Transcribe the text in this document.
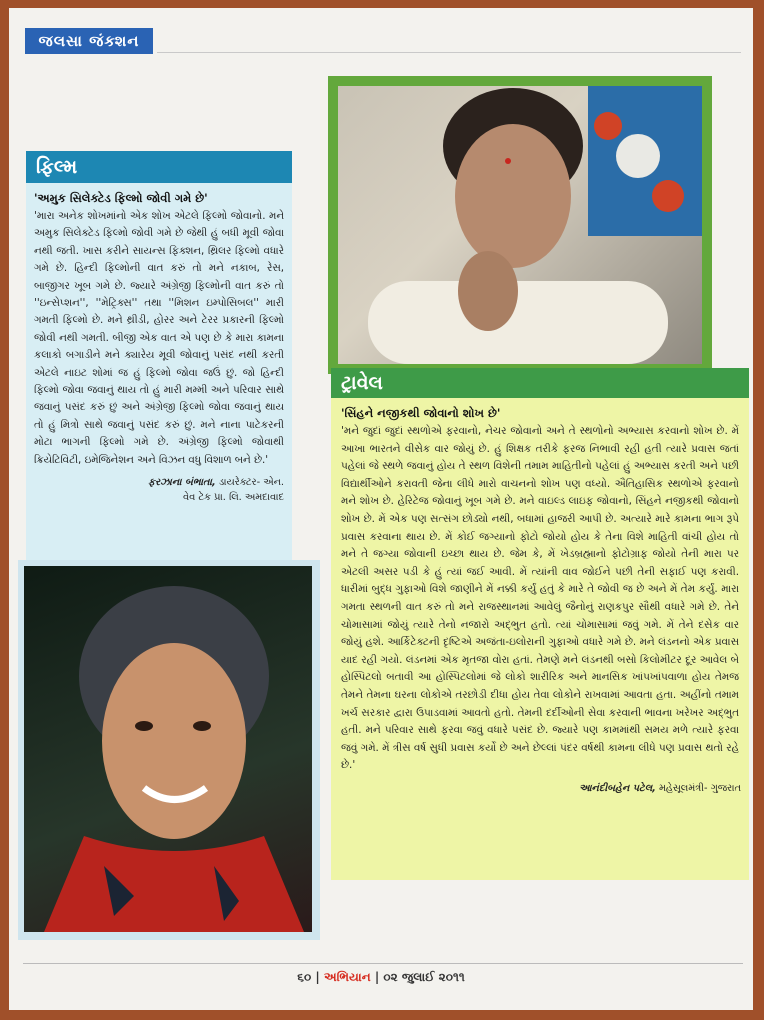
જલસા જંક્શન
ફિલ્મ
'અમુક સિલેક્ટેડ ફિલ્મો જોવી ગમે છે'
'મારા અનેક શોખમાંનો એક શોખ એટલે ફિલ્મો જોવાનો. મને અમુક સિલેક્ટેડ ફિલ્મો જોવી ગમે છે જેથી હું બધી મૂવી જોવા નથી જતી. ખાસ કરીને સાયન્સ ફિક્શન, થ્રિલર ફિલ્મો વધારે ગમે છે. હિન્દી ફિલ્મોની વાત કરું તો મને નકાબ, રેસ, બાજીગર ખૂબ ગમે છે. જ્યારે અંગ્રેજી ફિલ્મોની વાત કરું તો ''ઇન્સેપ્શન'', ''મેટ્રિક્સ'' તથા ''મિશન ઇમ્પોસિબલ'' મારી ગમતી ફિલ્મો છે. મને થ્રીડી, હોરર અને ટેરર પ્રકારની ફિલ્મો જોવી નથી ગમતી. બીજી એક વાત એ પણ છે કે મારા કામના કલાકો બગાડીને મને ક્યારેય મૂવી જોવાનું પસંદ નથી કરતી એટલે નાઇટ શોમાં જ હું ફિલ્મો જોવા જઉં છું. જો હિન્દી ફિલ્મો જોવા જવાનું થાય તો હું મારી મમ્મી અને પરિવાર સાથે જવાનું પસંદ કરું છું અને અંગ્રેજી ફિલ્મો જોવા જવાનું થાય તો હું મિત્રો સાથે જવાનું પસંદ કરું છું. મને નાના પાટેકરની મોટા ભાગની ફિલ્મો ગમે છે. અંગ્રેજી ફિલ્મો જોવાથી ક્રિયેટિવિટી, ઇમેજિનેશન અને વિઝન વધુ વિશાળ બને છે.'
ફરઝાના બંભાતા, ડાયરેક્ટર- એન.
વેવ ટેક પ્રા. લિ. અમદાવાદ
ટ્રાવેલ
'સિંહને નજીકથી જોવાનો શોખ છે'
'મને જુદાં જુદાં સ્થળોએ ફરવાનો, નેચર જોવાનો અને તે સ્થળોનો અભ્યાસ કરવાનો શોખ છે. મેં આખા ભારતને વીસેક વાર જોયું છે. હું શિક્ષક તરીકે ફરજ નિભાવી રહી હતી ત્યારે પ્રવાસ જતાં પહેલાં જે સ્થળે જવાનું હોય તે સ્થળ વિશેની તમામ માહિતીનો પહેલાં હું અભ્યાસ કરતી અને પછી વિદ્યાર્થીઓને કરાવતી જેના લીધે મારો વાચનનો શોખ પણ વધ્યો. ઐતિહાસિક સ્થળોએ ફરવાનો મને શોખ છે. હેરિટેજ જોવાનું ખૂબ ગમે છે. મને વાઇલ્ડ લાઇફ જોવાનો, સિંહને નજીકથી જોવાનો શોખ છે. મેં એક પણ સત્સંગ છોડ્યો નથી, બધામાં હાજરી આપી છે. અત્યારે મારે કામના ભાગ રૂપે પ્રવાસ કરવાના થાય છે. મેં કોઈ જગ્યાનો ફોટો જોયો હોય કે તેના વિશે માહિતી વાંચી હોય તો મને તે જગ્યા જોવાની ઇચ્છા થાય છે. જેમ કે, મેં ખેડબ્રહ્માનો ફોટોગ્રાફ જોયો તેની મારા પર એટલી અસર પડી કે હું ત્યાં જઈ આવી. મેં ત્યાંની વાવ જોઈને પછી તેની સફાઈ પણ કરાવી. ધારીમાં બુદ્ધ ગુફાઓ વિશે જાણીને મેં નક્કી કર્યું હતું કે મારે તે જોવી જ છે અને મેં તેમ કર્યું. મારા ગમતા સ્થળની વાત કરું તો મને રાજસ્થાનમાં આવેલું જૈનોનું રાણકપુર સૌથી વધારે ગમે છે. તેને ચોમાસામાં જોયું ત્યારે તેનો નજારો અદ્ભુત હતો. ત્યાં ચોમાસામાં જવું ગમે. મેં તેને દસેક વાર જોયું હશે. આર્કિટેક્ટની દૃષ્ટિએ અજંતા-ઇલોરાની ગુફાઓ વધારે ગમે છે. મને લંડનનો એક પ્રવાસ યાદ રહી ગયો. લંડનમાં એક મૃતજા વોરા હતાં. તેમણે મને લંડનથી બસો કિલોમીટર દૂર આવેલ બે હોસ્પિટલો બતાવી આ હોસ્પિટલોમાં જે લોકો શારીરિક અને માનસિક ખાંપખાંપવાળા હોય તેમજ તેમને તેમના ઘરના લોકોએ તરછોડી દીધા હોય તેવા લોકોને રાખવામાં આવતા હતા. અહીંનો તમામ ખર્ચ સરકાર દ્વારા ઉપાડવામાં આવતો હતો. તેમની દર્દીઓની સેવા કરવાની ભાવના ખરેખર અદ્ભુત હતી. મને પરિવાર સાથે ફરવા જવું વધારે પસંદ છે. જ્યારે પણ કામમાંથી સમય મળે ત્યારે ફરવા જવું ગમે. મેં ત્રીસ વર્ષ સુધી પ્રવાસ કર્યો છે અને છેલ્લાં પંદર વર્ષથી કામના લીધે પણ પ્રવાસ થતો રહે છે.'
આનંદીબહેન પટેલ, મહેસૂલમંત્રી- ગુજરાત
૬૦ | અભિયાન | ૦૨ જુલાઈ ૨૦૧૧
